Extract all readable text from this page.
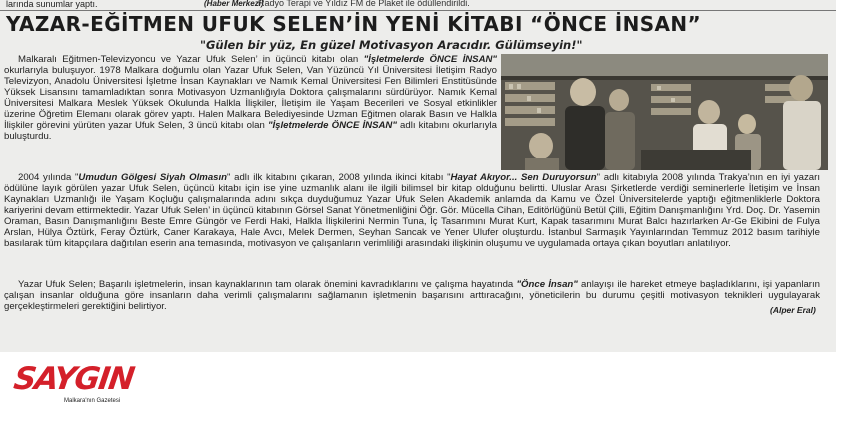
larında sunumlar yaptı.	(Haber Merkezi)
Radyo Terapi ve Yıldız FM de Plaket ile ödüllendirildi.
YAZAR-EĞİTMEN UFUK SELEN’İN YENİ KİTABI “ÖNCE İNSAN”
"Gülen bir yüz, En güzel Motivasyon Aracıdır. Gülümseyin!"
Malkaralı Eğitmen-Televizyoncu ve Yazar Ufuk Selen’ in üçüncü kitabı olan "İşletmelerde ÖNCE İNSAN" okurlarıyla buluşuyor. 1978 Malkara doğumlu olan Yazar Ufuk Selen, Van Yüzüncü Yıl Üniversitesi İletişim Radyo Televizyon, Anadolu Üniversitesi İşletme İnsan Kaynakları ve Namık Kemal Üniversitesi Fen Bilimleri Enstitüsünde Yüksek Lisansını tamamladıktan sonra Motivasyon Uzmanlığıyla Doktora çalışmalarını sürdürüyor. Namık Kemal Üniversitesi Malkara Meslek Yüksek Okulunda Halkla İlişkiler, İletişim ile Yaşam Becerileri ve Sosyal etkinlikler üzerine Öğretim Elemanı olarak görev yaptı. Halen Malkara Belediyesinde Uzman Eğitmen olarak Basın ve Halkla İlişkiler görevini yürüten yazar Ufuk Selen, 3 üncü kitabı olan "İşletmelerde ÖNCE İNSAN" adlı kitabını okurlarıyla buluşturdu.
2004 yılında "Umudun Gölgesi Siyah Olmasın" adlı ilk kitabını çıkaran, 2008 yılında ikinci kitabı "Hayat Akıyor... Sen Duruyorsun" adlı kitabıyla 2008 yılında Trakya’nın en iyi yazarı ödülüne layık görülen yazar Ufuk Selen, üçüncü kitabı için ise yine uzmanlık alanı ile ilgili bilimsel bir kitap olduğunu belirtti. Uluslar Arası Şirketlerde verdiği seminerlerle İletişim ve İnsan Kaynakları Uzmanlığı ile Yaşam Koçluğu çalışmalarında adını sıkça duyduğumuz Yazar Ufuk Selen Akademik anlamda da Kamu ve Özel Üniversitelerde yaptığı eğitmenliklerle Doktora kariyerini devam ettirmektedir. Yazar Ufuk Selen’ in üçüncü kitabının Görsel Sanat Yönetmenliğini Öğr. Gör. Mücella Cihan, Editörlüğünü Betül Çilli, Eğitim Danışmanlığını Yrd. Doç. Dr. Yasemin Oraman, Basın Danışmanlığını Beste Emre Güngör ve Ferdi Haki, Halkla İlişkilerini Nermin Tuna, İç Tasarımını Murat Kurt, Kapak tasarımını Murat Balcı hazırlarken Ar-Ge Ekibini de Fulya Arslan, Hülya Öztürk, Feray Öztürk, Caner Karakaya, Hale Avcı, Melek Dermen, Seyhan Sancak ve Yener Ulufer oluşturdu. İstanbul Sarmaşık Yayınlarından Temmuz 2012 basım tarihiyle basılarak tüm kitapçılara dağıtılan eserin ana temasında, motivasyon ve çalışanların verimliliği arasındaki ilişkinin oluşumu ve uygulamada ortaya çıkan boyutları anlatılıyor.
Yazar Ufuk Selen; Başarılı işletmelerin, insan kaynaklarının tam olarak önemini kavradıklarını ve çalışma hayatında "Önce İnsan" anlayışı ile hareket etmeye başladıklarını, işi yapanların çalışan insanlar olduğuna göre insanların daha verimli çalışmalarını sağlamanın işletmenin başarısını arttıracağını, yöneticilerin bu durumu çeşitli motivasyon teknikleri uygulayarak gerçekleştirmeleri gerektiğini belirtiyor.	(Alper Eral)
SAYGIN
Malkara'nın Gazetesi
